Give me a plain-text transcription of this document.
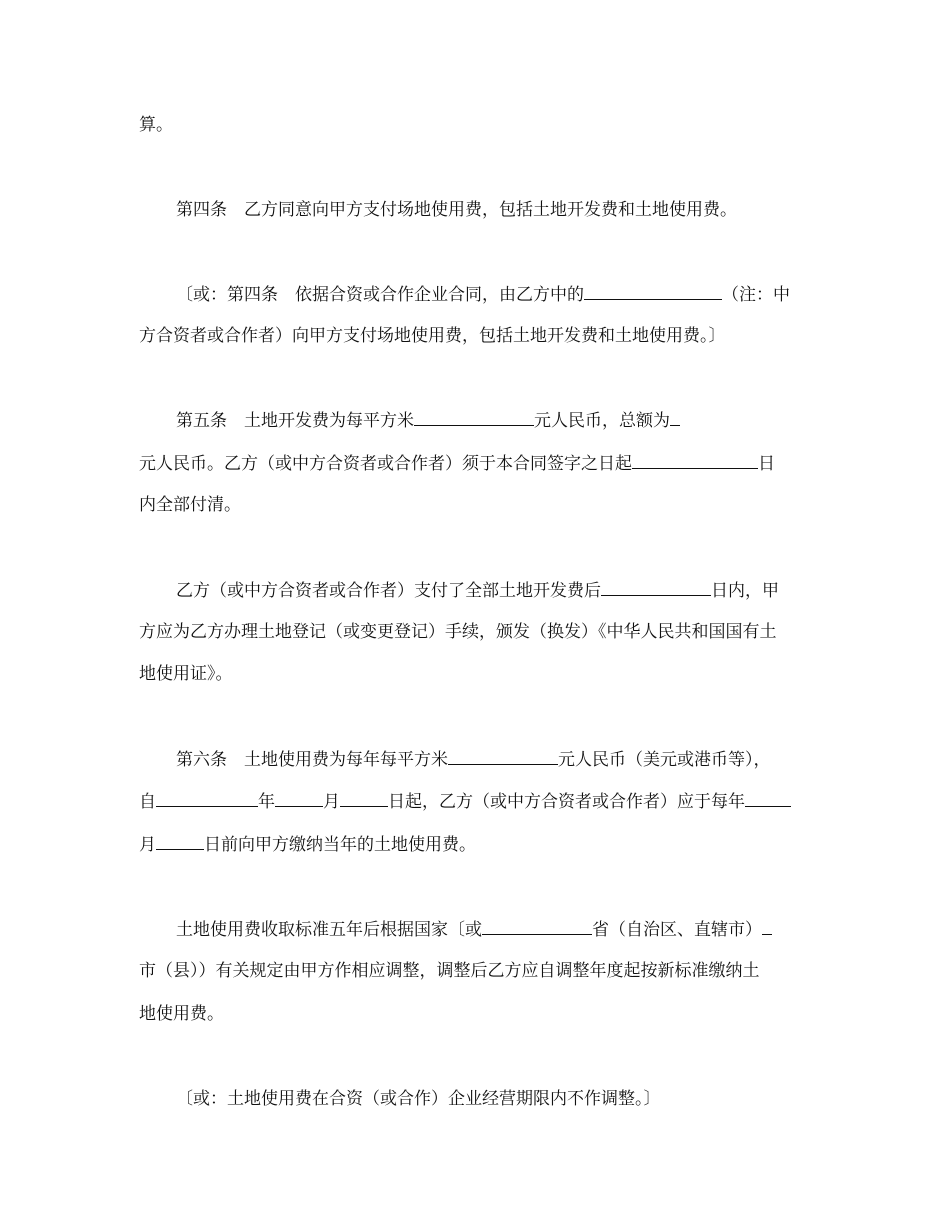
算。
第四条 乙方同意向甲方支付场地使用费，包括土地开发费和土地使用费。
〔或：第四条 依据合资或合作企业合同，由乙方中的	（注：中
方合资者或合作者）向甲方支付场地使用费，包括土地开发费和土地使用费。〕
第五条 土地开发费为每平方米	元人民币，总额为
元人民币。乙方（或中方合资者或合作者）须于本合同签字之日起	日
内全部付清。
乙方（或中方合资者或合作者）支付了全部土地开发费后	日内，甲
方应为乙方办理土地登记（或变更登记）手续，颁发（换发）《中华人民共和国国有土
地使用证》。
第六条 土地使用费为每年每平方米	元人民币（美元或港币等），
自	年	月	日起，乙方（或中方合资者或合作者）应于每年
月	日前向甲方缴纳当年的土地使用费。
土地使用费收取标准五年后根据国家〔或	省（自治区、直辖市）
市（县））有关规定由甲方作相应调整，调整后乙方应自调整年度起按新标准缴纳土
地使用费。
〔或：土地使用费在合资（或合作）企业经营期限内不作调整。〕
